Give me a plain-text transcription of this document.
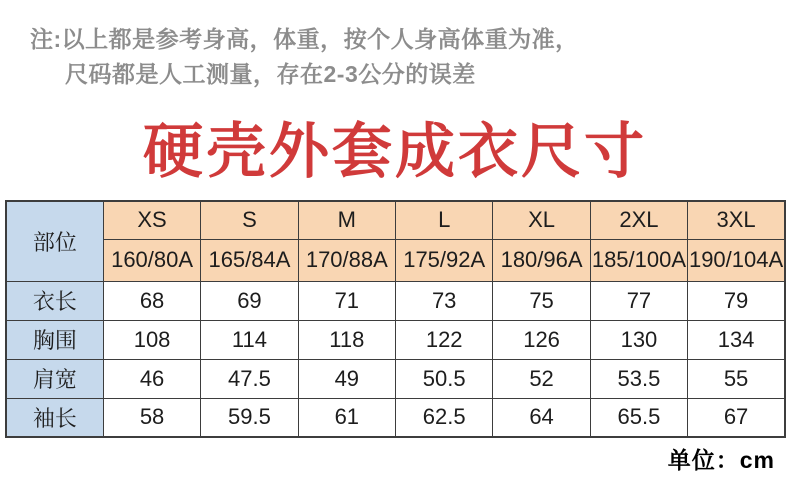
注:以上都是参考身高，体重，按个人身高体重为准，
尺码都是人工测量，存在2-3公分的误差
硬壳外套成衣尺寸
部位	XS	S	M	L	XL	2XL	3XL
	160/80A	165/84A	170/88A	175/92A	180/96A	185/100A	190/104A
衣长	68	69	71	73	75	77	79
胸围	108	114	118	122	126	130	134
肩宽	46	47.5	49	50.5	52	53.5	55
袖长	58	59.5	61	62.5	64	65.5	67
单位：cm
